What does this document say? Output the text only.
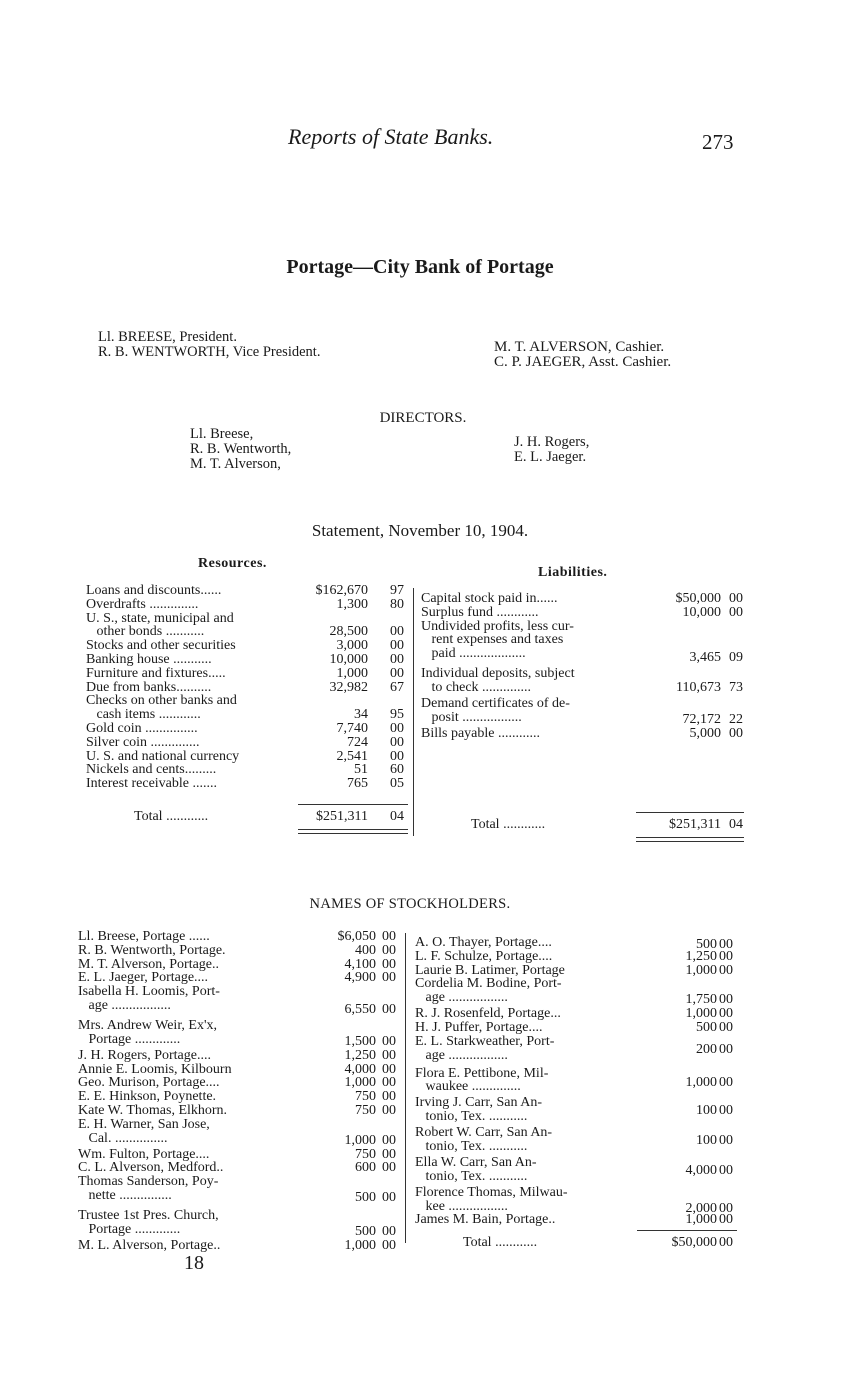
Reports of State Banks.	273
Portage—City Bank of Portage
Ll. BREESE, President.
R. B. WENTWORTH, Vice President.	M. T. ALVERSON, Cashier.
C. P. JAEGER, Asst. Cashier.
DIRECTORS.
Ll. Breese,
R. B. Wentworth,
M. T. Alverson,
J. H. Rogers,
E. L. Jaeger.
Statement, November 10, 1904.
Resources.
Liabilities.
Loans and discounts......	$162,670 97
Overdrafts ..............	1,300 80
U. S., state, municipal and
other bonds ...........	28,500 00
Stocks and other securities	3,000 00
Banking house ...........	10,000 00
Furniture and fixtures.....	1,000 00
Due from banks..........	32,982 67
Checks on other banks and
cash items ............	34 95
Gold coin ...............	7,740 00
Silver coin ..............	724 00
U. S. and national currency	2,541 00
Nickels and cents.........	51 60
Interest receivable .......	765 05
Total ............	$251,311 04
Capital stock paid in......	$50,000 00
Surplus fund ............	10,000 00
Undivided profits, less cur-
rent expenses and taxes
paid ...................	3,465 09
Individual deposits, subject
to check ..............	110,673 73
Demand certificates of de-
posit .................	72,172 22
Bills payable ............	5,000 00
Total ............	$251,311 04
NAMES OF STOCKHOLDERS.
Ll. Breese, Portage ......	$6,050 00
R. B. Wentworth, Portage.	400 00
M. T. Alverson, Portage..	4,100 00
E. L. Jaeger, Portage....	4,900 00
Isabella H. Loomis, Port-
age .................	6,550 00
Mrs. Andrew Weir, Ex'x,
Portage .............	1,500 00
J. H. Rogers, Portage....	1,250 00
Annie E. Loomis, Kilbourn	4,000 00
Geo. Murison, Portage....	1,000 00
E. E. Hinkson, Poynette.	750 00
Kate W. Thomas, Elkhorn.	750 00
E. H. Warner, San Jose,
Cal. ...............	1,000 00
Wm. Fulton, Portage....	750 00
C. L. Alverson, Medford..	600 00
Thomas Sanderson, Poy-
nette ...............	500 00
Trustee 1st Pres. Church,
Portage .............	500 00
M. L. Alverson, Portage..	1,000 00
A. O. Thayer, Portage....	500 00
L. F. Schulze, Portage....	1,250 00
Laurie B. Latimer, Portage	1,000 00
Cordelia M. Bodine, Port-
age .................	1,750 00
R. J. Rosenfeld, Portage...	1,000 00
H. J. Puffer, Portage....	500 00
E. L. Starkweather, Port-
age .................	200 00
Flora E. Pettibone, Mil-
waukee ..............	1,000 00
Irving J. Carr, San An-
tonio, Tex. ...........	100 00
Robert W. Carr, San An-
tonio, Tex. ...........	100 00
Ella W. Carr, San An-
tonio, Tex. ...........	4,000 00
Florence Thomas, Milwau-
kee .................	2,000 00
James M. Bain, Portage..	1,000 00
Total ............	$50,000 00
18
